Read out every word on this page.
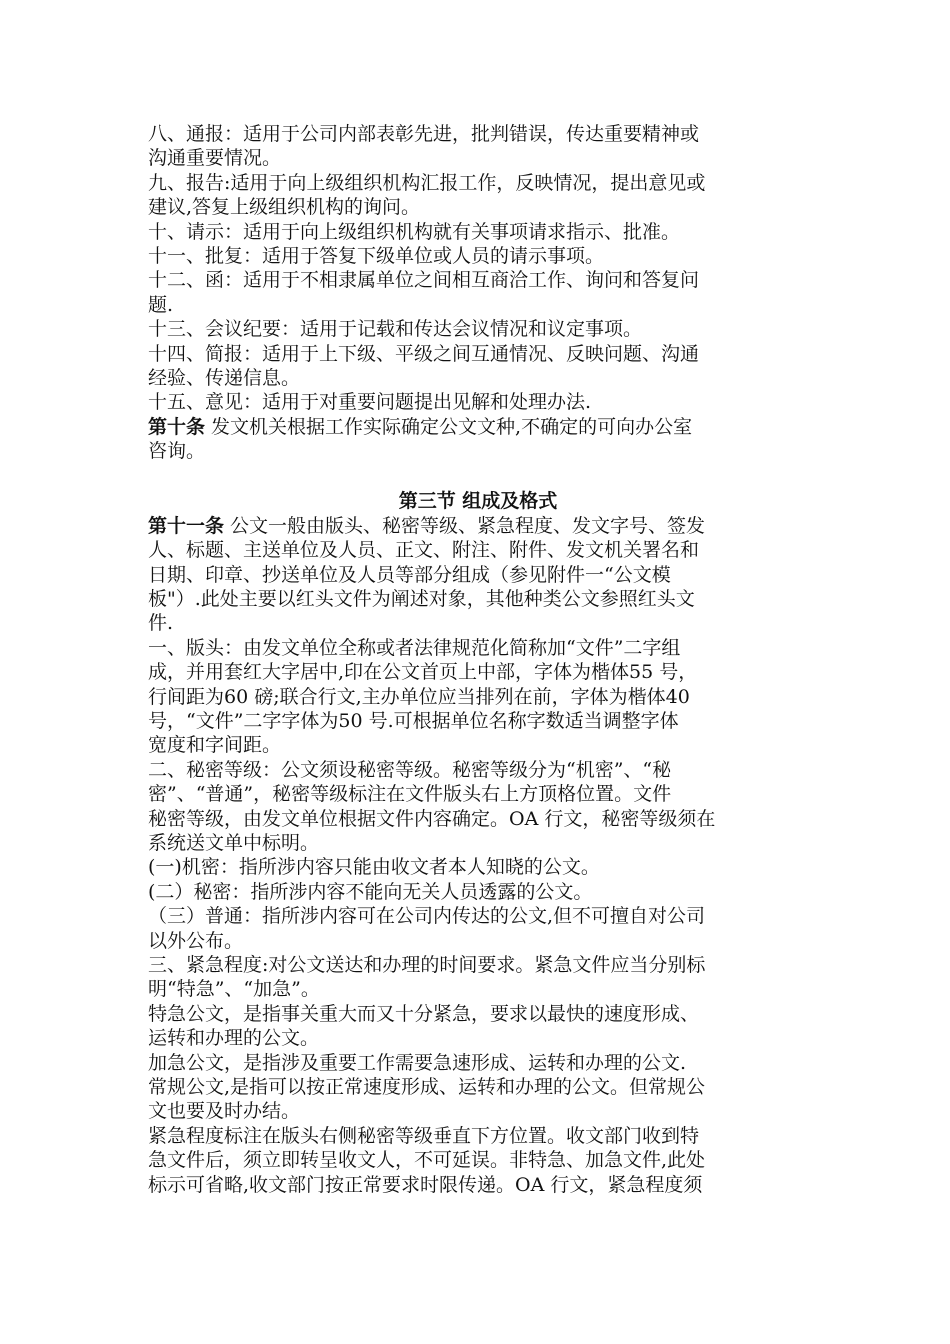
八、通报：适用于公司内部表彰先进，批判错误，传达重要精神或

沟通重要情况。

九、报告:适用于向上级组织机构汇报工作，反映情况，提出意见或

建议,答复上级组织机构的询问。

十、请示：适用于向上级组织机构就有关事项请求指示、批准。

十一、批复：适用于答复下级单位或人员的请示事项。

十二、函：适用于不相隶属单位之间相互商洽工作、询问和答复问

题.

十三、会议纪要：适用于记载和传达会议情况和议定事项。

十四、简报：适用于上下级、平级之间互通情况、反映问题、沟通

经验、传递信息。

十五、意见：适用于对重要问题提出见解和处理办法.

第十条 发文机关根据工作实际确定公文文种,不确定的可向办公室

咨询。

第三节 组成及格式

第十一条 公文一般由版头、秘密等级、紧急程度、发文字号、签发

人、标题、主送单位及人员、正文、附注、附件、发文机关署名和

日期、印章、抄送单位及人员等部分组成（参见附件一“公文模

板"）.此处主要以红头文件为阐述对象，其他种类公文参照红头文

件.

一、版头：由发文单位全称或者法律规范化简称加“文件”二字组

成，并用套红大字居中,印在公文首页上中部，字体为楷体55 号，

行间距为60 磅;联合行文,主办单位应当排列在前，字体为楷体40

号，“文件”二字字体为50 号.可根据单位名称字数适当调整字体

宽度和字间距。

二、秘密等级：公文须设秘密等级。秘密等级分为“机密”、“秘

密”、“普通”，秘密等级标注在文件版头右上方顶格位置。文件

秘密等级，由发文单位根据文件内容确定。OA 行文，秘密等级须在

系统送文单中标明。

(一)机密：指所涉内容只能由收文者本人知晓的公文。

(二）秘密：指所涉内容不能向无关人员透露的公文。

（三）普通：指所涉内容可在公司内传达的公文,但不可擅自对公司

以外公布。

三、紧急程度:对公文送达和办理的时间要求。紧急文件应当分别标

明“特急”、“加急”。

特急公文，是指事关重大而又十分紧急，要求以最快的速度形成、

运转和办理的公文。

加急公文，是指涉及重要工作需要急速形成、运转和办理的公文.

常规公文,是指可以按正常速度形成、运转和办理的公文。但常规公

文也要及时办结。

紧急程度标注在版头右侧秘密等级垂直下方位置。收文部门收到特

急文件后，须立即转呈收文人，不可延误。非特急、加急文件,此处

标示可省略,收文部门按正常要求时限传递。OA 行文，紧急程度须
